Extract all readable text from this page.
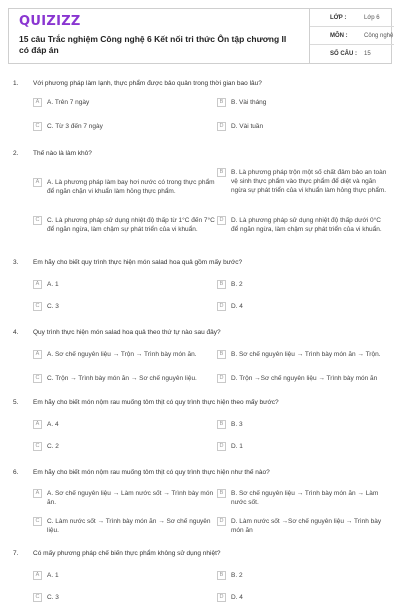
QUIZIZZ
15 câu Trắc nghiệm Công nghệ 6 Kết nối tri thức Ôn tập chương II có đáp án
LỚP :	Lớp 6
MÔN :	Công nghệ
SỐ CÂU : 15
1. Với phương pháp làm lạnh, thực phẩm được bảo quản trong thời gian bao lâu?
A	A. Trên 7 ngày	B	B. Vài tháng
C	C. Từ 3 đến 7 ngày	D	D. Vài tuần
2. Thế nào là làm khô?
A	A. Là phương pháp làm bay hơi nước có trong thực phẩm để ngăn chặn vi khuẩn làm hỏng thực phẩm.
B	B. Là phương pháp trộn một số chất đảm bảo an toàn vệ sinh thực phẩm vào thực phẩm để diệt và ngăn ngừa sự phát triển của vi khuẩn làm hỏng thực phẩm.
C	C. Là phương pháp sử dụng nhiệt độ thấp từ 1°C đến 7°C để ngăn ngừa, làm chậm sự phát triển của vi khuẩn.
D	D. Là phương pháp sử dụng nhiệt độ thấp dưới 0°C để ngăn ngừa, làm chậm sự phát triển của vi khuẩn.
3. Em hãy cho biết quy trình thực hiện món salad hoa quả gồm mấy bước?
A	A. 1	B	B. 2
C	C. 3	D	D. 4
4. Quy trình thực hiện món salad hoa quả theo thứ tự nào sau đây?
A	A. Sơ chế nguyên liệu → Trộn → Trình bày món ăn.	B	B. Sơ chế nguyên liệu → Trình bày món ăn → Trộn.
C	C. Trộn → Trình bày món ăn → Sơ chế nguyên liệu.	D	D. Trộn →Sơ chế nguyên liệu → Trình bày món ăn
5. Em hãy cho biết món nộm rau muống tôm thịt có quy trình thực hiện theo mấy bước?
A	A. 4	B	B. 3
C	C. 2	D	D. 1
6. Em hãy cho biết món nộm rau muống tôm thịt có quy trình thực hiện như thế nào?
A	A. Sơ chế nguyên liệu → Làm nước sốt → Trình bày món ăn.
B	B. Sơ chế nguyên liệu → Trình bày món ăn → Làm nước sốt.
C	C. Làm nước sốt → Trình bày món ăn → Sơ chế nguyên liệu.
D	D. Làm nước sốt →Sơ chế nguyên liệu → Trình bày món ăn
7. Có mấy phương pháp chế biến thực phẩm không sử dụng nhiệt?
A	A. 1	B	B. 2
C	C. 3	D	D. 4
